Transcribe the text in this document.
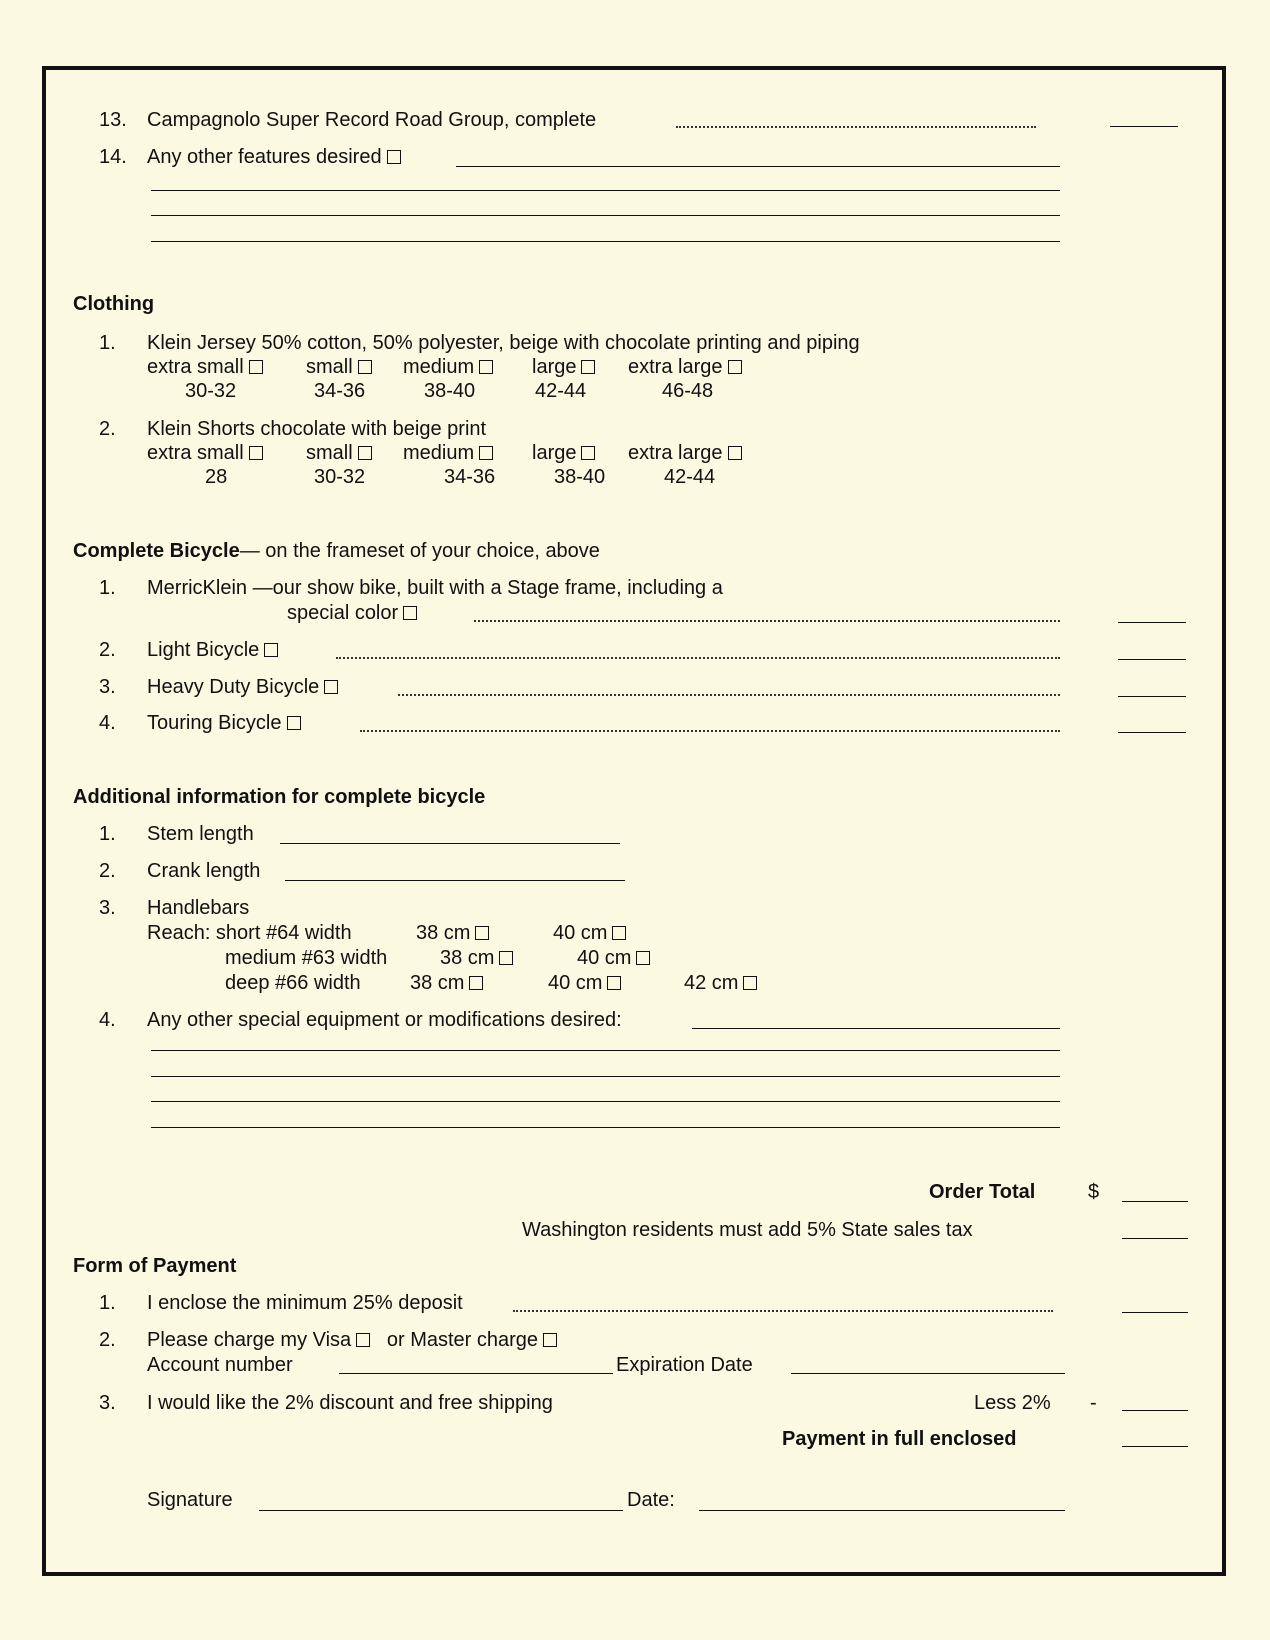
13. Campagnolo Super Record Road Group, complete
14. Any other features desired
Clothing
1. Klein Jersey 50% cotton, 50% polyester, beige with chocolate printing and piping
extra small	small	medium	large	extra large
30-32	34-36	38-40	42-44	46-48
2. Klein Shorts chocolate with beige print
extra small	small	medium	large	extra large
28	30-32	34-36	38-40	42-44
Complete Bicycle— on the frameset of your choice, above
1. MerricKlein —our show bike, built with a Stage frame, including a
special color
2. Light Bicycle
3. Heavy Duty Bicycle
4. Touring Bicycle
Additional information for complete bicycle
1. Stem length
2. Crank length
3. Handlebars
Reach: short #64 width	38 cm	40 cm
medium #63 width	38 cm	40 cm
deep #66 width 38 cm	40 cm	42 cm
4. Any other special equipment or modifications desired:
Order Total	$
Washington residents must add 5% State sales tax
Form of Payment
1. I enclose the minimum 25% deposit
2. Please charge my Visa or Master charge
Account number	Expiration Date
3. I would like the 2% discount and free shipping	Less 2% -
Payment in full enclosed
Signature	Date:
